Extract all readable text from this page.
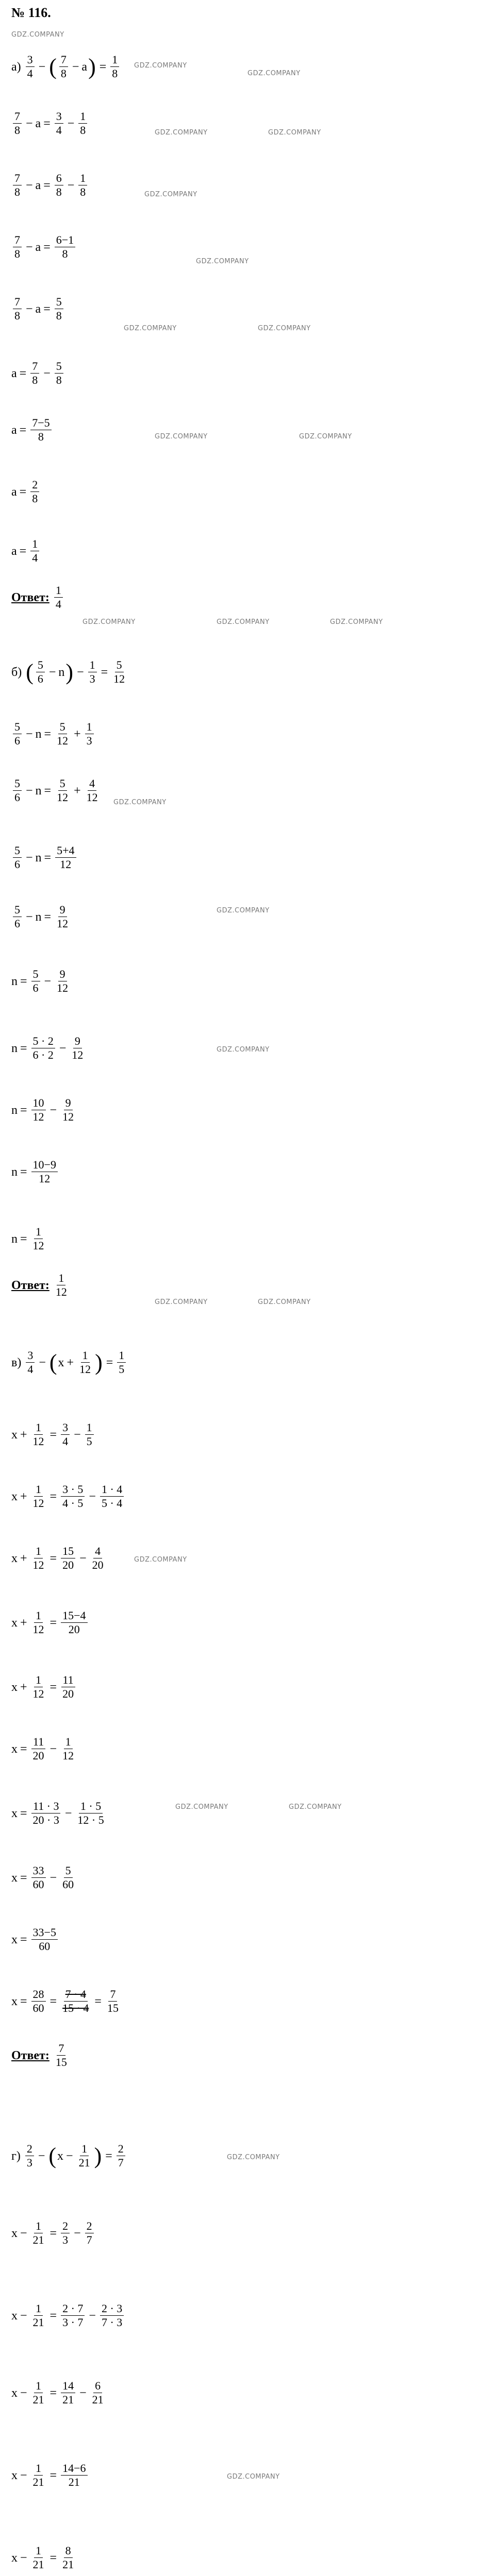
№ 116.
GDZ.COMPANY
GDZ.COMPANY
GDZ.COMPANY
GDZ.COMPANY	GDZ.COMPANY
GDZ.COMPANY
GDZ.COMPANY
GDZ.COMPANY	GDZ.COMPANY
GDZ.COMPANY	GDZ.COMPANY
GDZ.COMPANY	GDZ.COMPANY	GDZ.COMPANY
GDZ.COMPANY
GDZ.COMPANY
GDZ.COMPANY
GDZ.COMPANY	GDZ.COMPANY
GDZ.COMPANY
GDZ.COMPANY	GDZ.COMPANY
GDZ.COMPANY
GDZ.COMPANY
$а) \frac{3}{4}$ − ( $\frac{7}{8} - a$ ) = $\frac{1}{8}$
$\frac{7}{8} - a = \frac{3}{4} - \frac{1}{8}$
$\frac{7}{8} - a = \frac{6}{8} - \frac{1}{8}$
$\frac{7}{8} - a = \frac{6-1}{8}$
$\frac{7}{8} - a = \frac{5}{8}$
$a = \frac{7}{8} - \frac{5}{8}$
$a = \frac{7-5}{8}$
$a = \frac{2}{8}$
$a = \frac{1}{4}$
Ответ: $\frac{1}{4}$
б) ( $\frac{5}{6} - n$ ) − $\frac{1}{3} = \frac{5}{12}$
$\frac{5}{6} - n = \frac{5}{12} + \frac{1}{3}$
$\frac{5}{6} - n = \frac{5}{12} + \frac{4}{12}$
$\frac{5}{6} - n = \frac{5+4}{12}$
$\frac{5}{6} - n = \frac{9}{12}$
$n = \frac{5}{6} - \frac{9}{12}$
$n = \frac{5 \cdot 2}{6 \cdot 2} - \frac{9}{12}$
$n = \frac{10}{12} - \frac{9}{12}$
$n = \frac{10-9}{12}$
$n = \frac{1}{12}$
Ответ: $\frac{1}{12}$
$в) \frac{3}{4}$ − ( $x + \frac{1}{12}$ ) = $\frac{1}{5}$
$x + \frac{1}{12} = \frac{3}{4} - \frac{1}{5}$
$x + \frac{1}{12} = \frac{3 \cdot 5}{4 \cdot 5} - \frac{1 \cdot 4}{5 \cdot 4}$
$x + \frac{1}{12} = \frac{15}{20} - \frac{4}{20}$
$x + \frac{1}{12} = \frac{15-4}{20}$
$x + \frac{1}{12} = \frac{11}{20}$
$x = \frac{11}{20} - \frac{1}{12}$
$x = \frac{11 \cdot 3}{20 \cdot 3} - \frac{1 \cdot 5}{12 \cdot 5}$
$x = \frac{33}{60} - \frac{5}{60}$
$x = \frac{33-5}{60}$
$x = \frac{28}{60} = \frac{7 \cdot 4}{15 \cdot 4} = \frac{7}{15}$
Ответ: $\frac{7}{15}$
$г) \frac{2}{3}$ − ( $x - \frac{1}{21}$ ) = $\frac{2}{7}$
$x - \frac{1}{21} = \frac{2}{3} - \frac{2}{7}$
$x - \frac{1}{21} = \frac{2 \cdot 7}{3 \cdot 7} - \frac{2 \cdot 3}{7 \cdot 3}$
$x - \frac{1}{21} = \frac{14}{21} - \frac{6}{21}$
$x - \frac{1}{21} = \frac{14-6}{21}$
$x - \frac{1}{21} = \frac{8}{21}$
